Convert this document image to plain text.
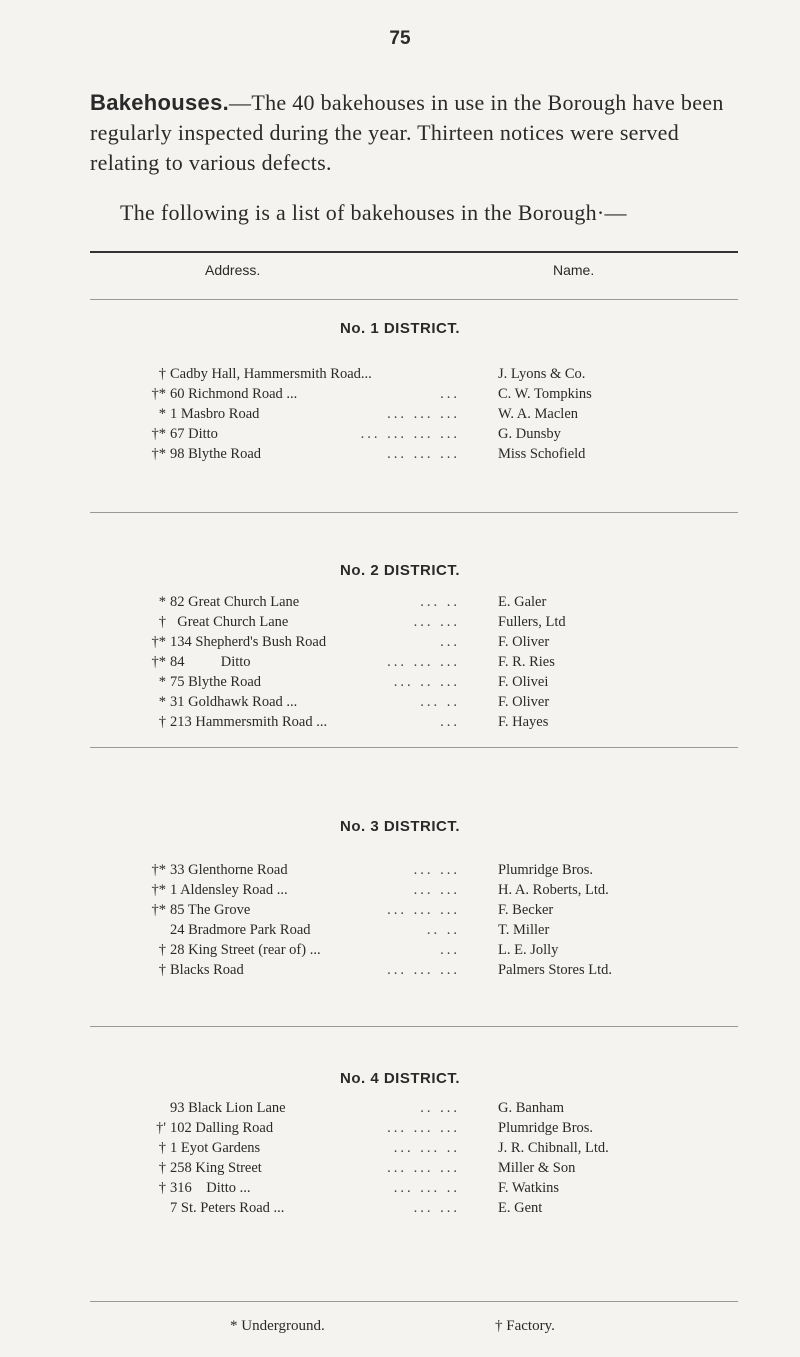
75
Bakehouses.—The 40 bakehouses in use in the Borough have been regularly inspected during the year. Thirteen notices were served relating to various defects.
The following is a list of bakehouses in the Borough·—
Address.	Name.
No. 1 DISTRICT.
† Cadby Hall, Hammersmith Road...	J. Lyons & Co.
†* 60 Richmond Road ...	...	C. W. Tompkins
* 1 Masbro Road	... ... ...	W. A. Maclen
†* 67 Ditto	... ... ... ...	G. Dunsby
†* 98 Blythe Road	... ... ...	Miss Schofield
No. 2 DISTRICT.
* 82 Great Church Lane	... ..	E. Galer
† Great Church Lane	... ...	Fullers, Ltd
†* 134 Shepherd's Bush Road	...	F. Oliver
†* 84          Ditto	... ... ...	F. R. Ries
* 75 Blythe Road	... .. ...	F. Olivei
* 31 Goldhawk Road ...	... ..	F. Oliver
† 213 Hammersmith Road ...	...	F. Hayes
No. 3 DISTRICT.
†* 33 Glenthorne Road	... ...	Plumridge Bros.
†* 1 Aldensley Road ...	... ...	H. A. Roberts, Ltd.
†* 85 The Grove	... ... ...	F. Becker
24 Bradmore Park Road	.. ..	T. Miller
† 28 King Street (rear of) ...	...	L. E. Jolly
† Blacks Road	... ... ...	Palmers Stores Ltd.
No. 4 DISTRICT.
93 Black Lion Lane	.. ...	G. Banham
†' 102 Dalling Road	... ... ...	Plumridge Bros.
† 1 Eyot Gardens	... ... ..	J. R. Chibnall, Ltd.
† 258 King Street	... ... ...	Miller & Son
† 316    Ditto ...	... ... ..	F. Watkins
7 St. Peters Road ...	... ...	E. Gent
* Underground.	† Factory.
